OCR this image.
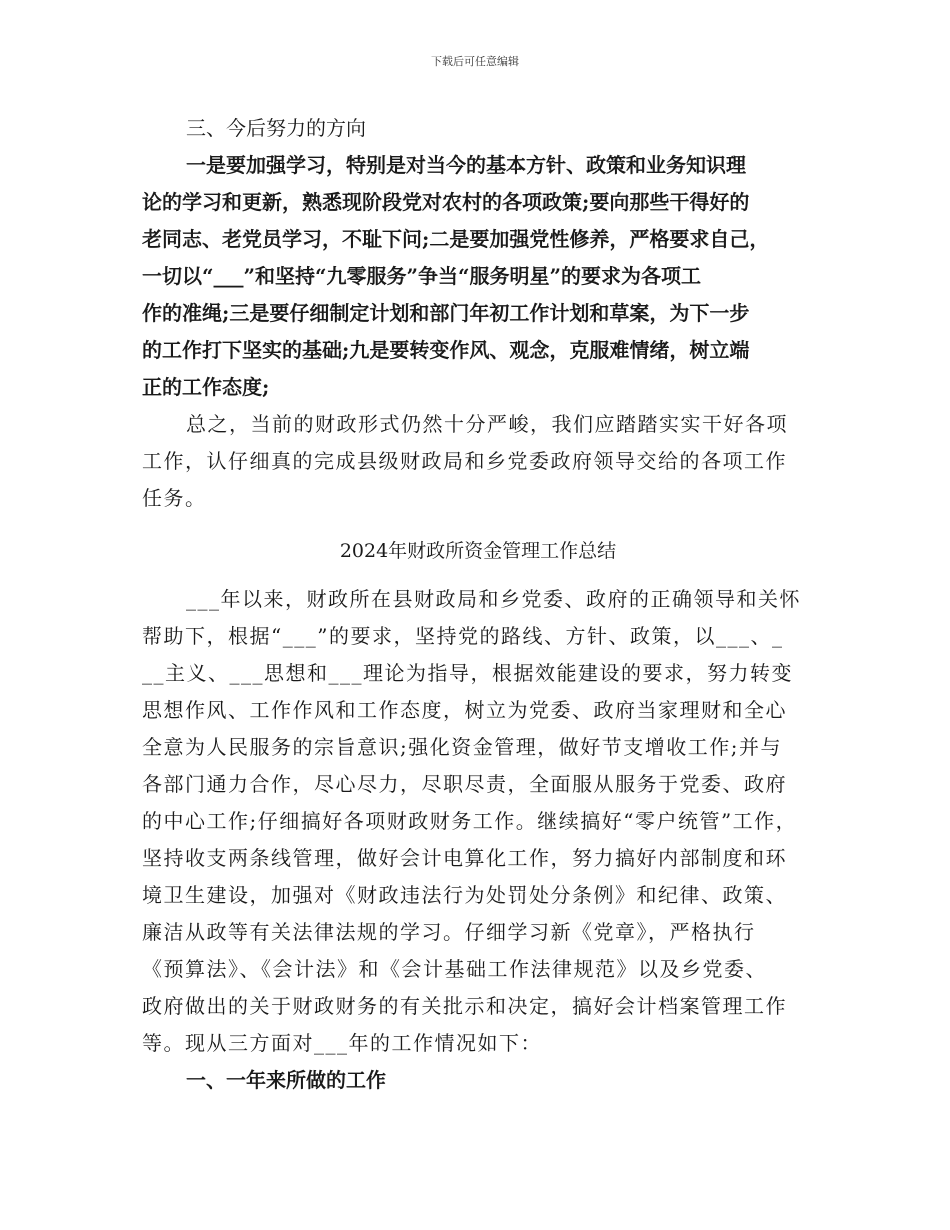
下载后可任意编辑
三、今后努力的方向
一是要加强学习，特别是对当今的基本方针、政策和业务知识理
论的学习和更新，熟悉现阶段党对农村的各项政策;要向那些干得好的
老同志、老党员学习，不耻下问;二是要加强党性修养，严格要求自己，
一切以“___”和坚持“九零服务”争当“服务明星”的要求为各项工
作的准绳;三是要仔细制定计划和部门年初工作计划和草案，为下一步
的工作打下坚实的基础;九是要转变作风、观念，克服难情绪，树立端
正的工作态度;
总之，当前的财政形式仍然十分严峻，我们应踏踏实实干好各项
工作，认仔细真的完成县级财政局和乡党委政府领导交给的各项工作
任务。
2024年财政所资金管理工作总结
___年以来，财政所在县财政局和乡党委、政府的正确领导和关怀
帮助下，根据“___”的要求，坚持党的路线、方针、政策，以___、_
__主义、___思想和___理论为指导，根据效能建设的要求，努力转变
思想作风、工作作风和工作态度，树立为党委、政府当家理财和全心
全意为人民服务的宗旨意识;强化资金管理，做好节支增收工作;并与
各部门通力合作，尽心尽力，尽职尽责，全面服从服务于党委、政府
的中心工作;仔细搞好各项财政财务工作。继续搞好“零户统管”工作，
坚持收支两条线管理，做好会计电算化工作，努力搞好内部制度和环
境卫生建设，加强对《财政违法行为处罚处分条例》和纪律、政策、
廉洁从政等有关法律法规的学习。仔细学习新《党章》，严格执行
《预算法》、《会计法》和《会计基础工作法律规范》以及乡党委、
政府做出的关于财政财务的有关批示和决定，搞好会计档案管理工作
等。现从三方面对___年的工作情况如下：
一、一年来所做的工作
